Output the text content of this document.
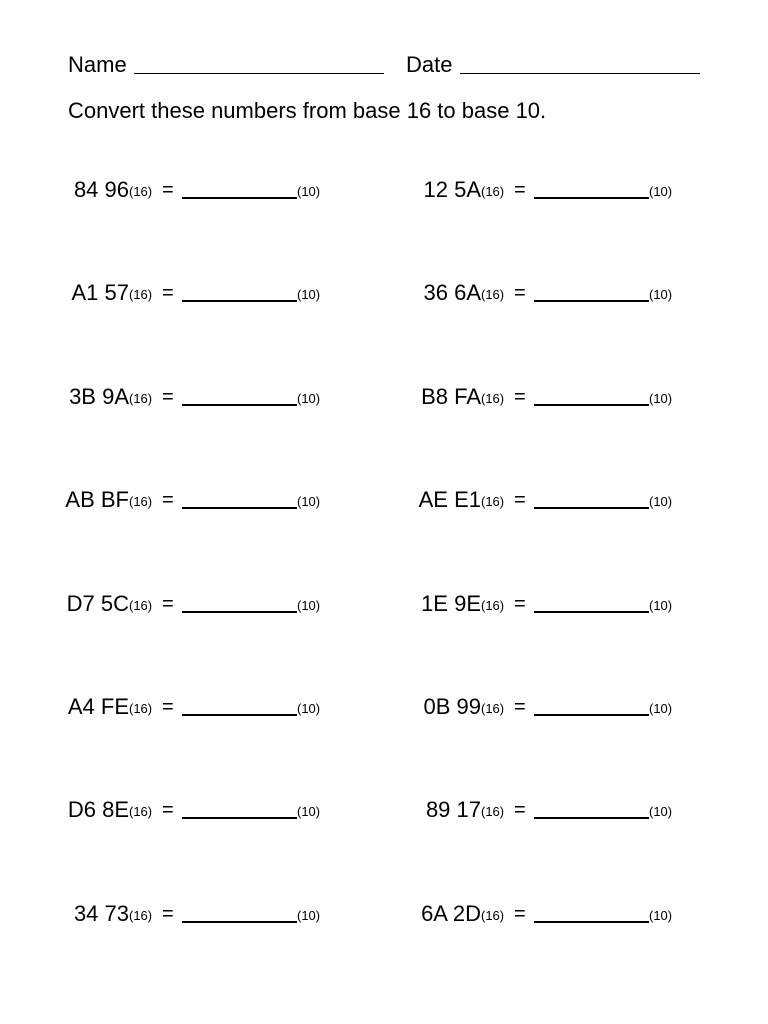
Name	Date
Convert these numbers from base 16 to base 10.
84 96 (16) =	(10)	12 5A (16) =	(10)
A1 57 (16) =	(10)	36 6A (16) =	(10)
3B 9A (16) =	(10)	B8 FA (16) =	(10)
AB BF (16) =	(10)	AE E1 (16) =	(10)
D7 5C (16) =	(10)	1E 9E (16) =	(10)
A4 FE (16) =	(10)	0B 99 (16) =	(10)
D6 8E (16) =	(10)	89 17 (16) =	(10)
34 73 (16) =	(10)	6A 2D (16) =	(10)
